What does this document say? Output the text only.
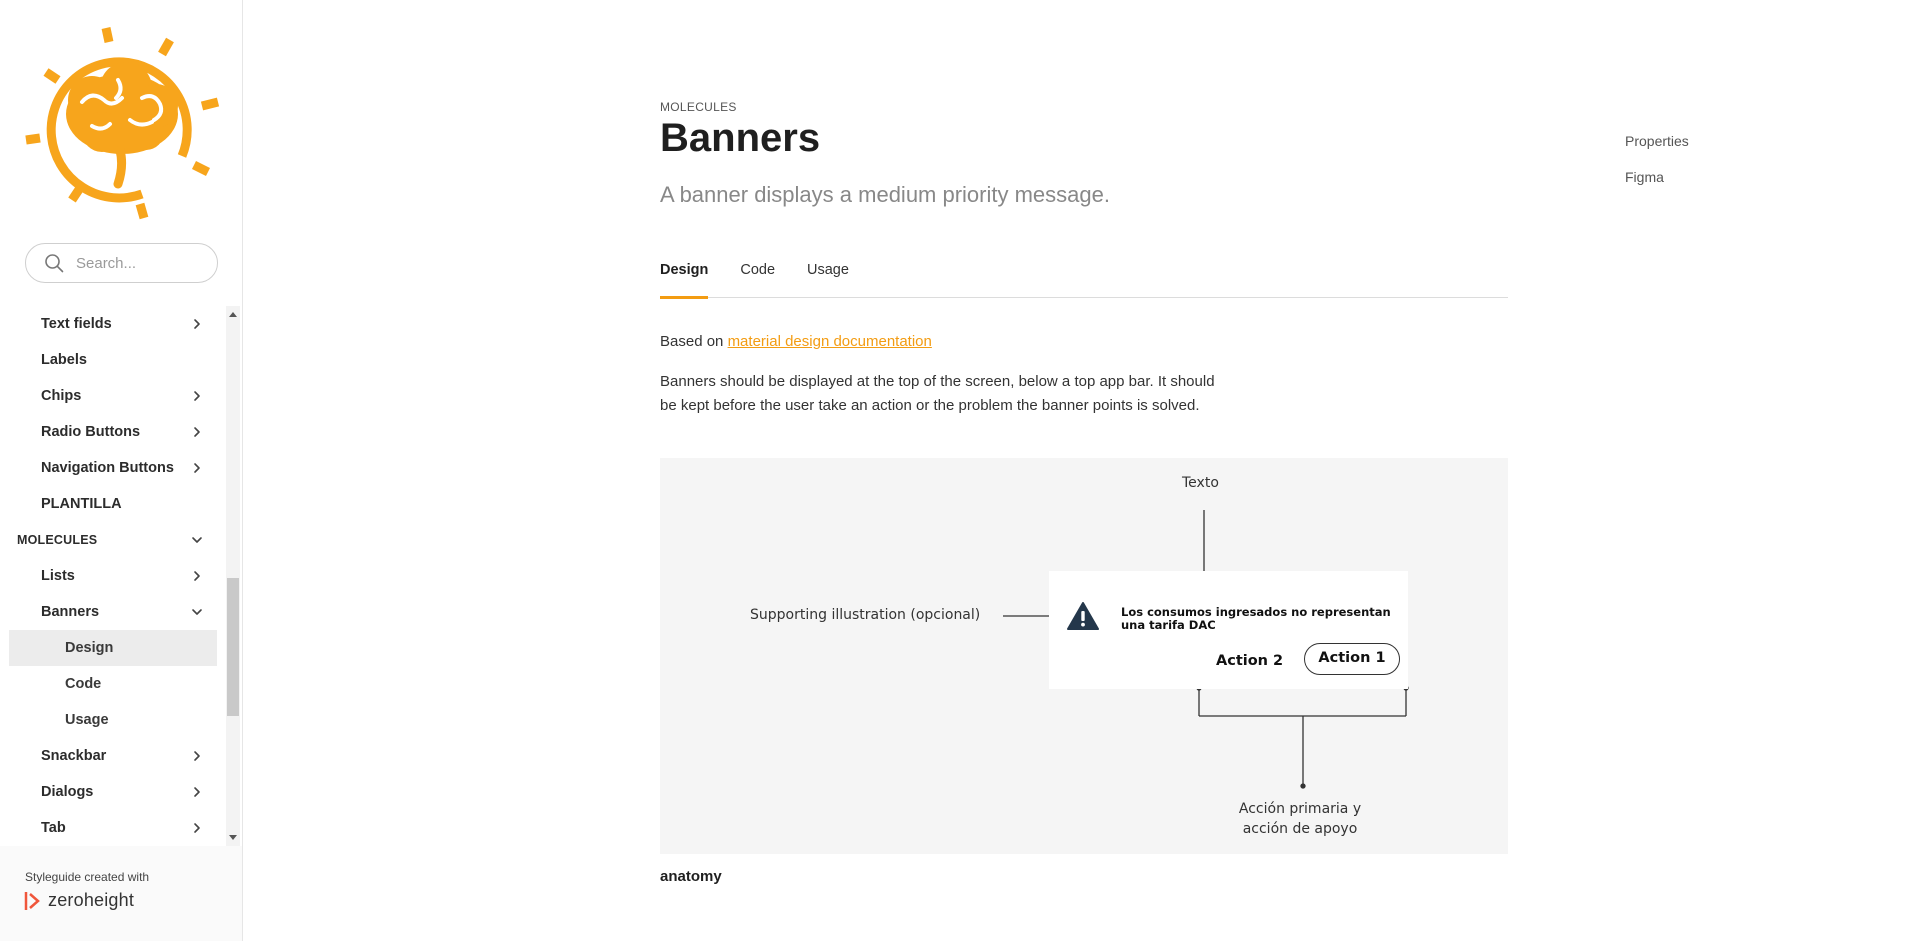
Search...
Text fields
Labels
Chips
Radio Buttons
Navigation Buttons
PLANTILLA
MOLECULES
Lists
Banners
Design
Code
Usage
Snackbar
Dialogs
Tab
Styleguide created with
zeroheight
MOLECULES
Banners
A banner displays a medium priority message.
Design Code Usage

Based on material design documentation

Banners should be displayed at the top of the screen, below a top app bar. It should be kept before the user take an action or the problem the banner points is solved.

Texto
Supporting illustration (opcional)
Acción primaria y acción de apoyo
Los consumos ingresados no representan una tarifa DAC
Action 2	Action 1
anatomy
Properties
Figma
